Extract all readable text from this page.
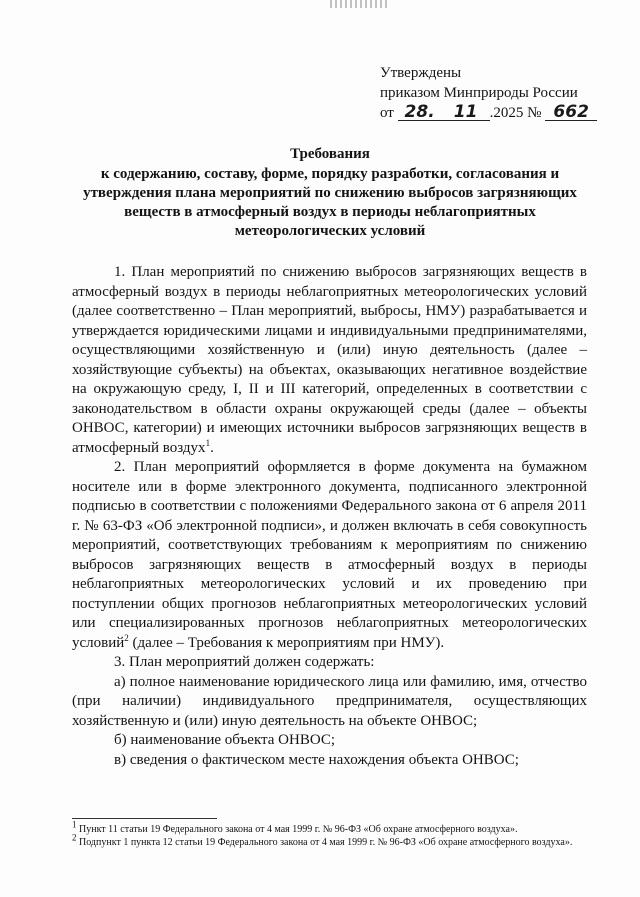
Утверждены
приказом Минприроды России
от 28. 11 .2025 № 662
Требования
к содержанию, составу, форме, порядку разработки, согласования и утверждения плана мероприятий по снижению выбросов загрязняющих веществ в атмосферный воздух в периоды неблагоприятных метеорологических условий

1. План мероприятий по снижению выбросов загрязняющих веществ в атмосферный воздух в периоды неблагоприятных метеорологических условий (далее соответственно – План мероприятий, выбросы, НМУ) разрабатывается и утверждается юридическими лицами и индивидуальными предпринимателями, осуществляющими хозяйственную и (или) иную деятельность (далее – хозяйствующие субъекты) на объектах, оказывающих негативное воздействие на окружающую среду, I, II и III категорий, определенных в соответствии с законодательством в области охраны окружающей среды (далее – объекты ОНВОС, категории) и имеющих источники выбросов загрязняющих веществ в атмосферный воздух$^1$.

2. План мероприятий оформляется в форме документа на бумажном носителе или в форме электронного документа, подписанного электронной подписью в соответствии с положениями Федерального закона от 6 апреля 2011 г. № 63-ФЗ «Об электронной подписи», и должен включать в себя совокупность мероприятий, соответствующих требованиям к мероприятиям по снижению выбросов загрязняющих веществ в атмосферный воздух в периоды неблагоприятных метеорологических условий и их проведению при поступлении общих прогнозов неблагоприятных метеорологических условий или специализированных прогнозов неблагоприятных метеорологических условий$^2$ (далее – Требования к мероприятиям при НМУ).

3. План мероприятий должен содержать:

а) полное наименование юридического лица или фамилию, имя, отчество (при наличии) индивидуального предпринимателя, осуществляющих хозяйственную и (или) иную деятельность на объекте ОНВОС;

б) наименование объекта ОНВОС;

в) сведения о фактическом месте нахождения объекта ОНВОС;

$^1$ Пункт 11 статьи 19 Федерального закона от 4 мая 1999 г. № 96-ФЗ «Об охране атмосферного воздуха».

$^2$ Подпункт 1 пункта 12 статьи 19 Федерального закона от 4 мая 1999 г. № 96-ФЗ «Об охране атмосферного воздуха».
